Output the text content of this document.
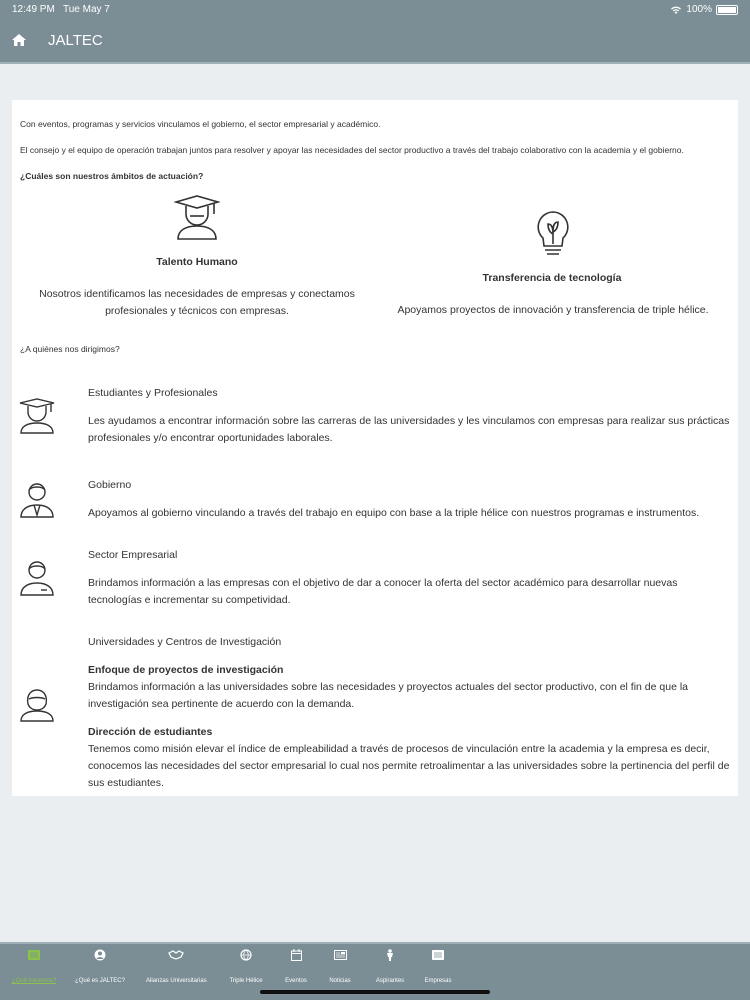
12:49 PM Tue May 7	100%
JALTEC
Con eventos, programas y servicios vinculamos el gobierno, el sector empresarial y académico.
El consejo y el equipo de operación trabajan juntos para resolver y apoyar las necesidades del sector productivo a través del trabajo colaborativo con la academia y el gobierno.
¿Cuáles son nuestros ámbitos de actuación?
Talento Humano
Nosotros identificamos las necesidades de empresas y conectamos profesionales y técnicos con empresas.
Transferencia de tecnología
Apoyamos proyectos de innovación y transferencia de triple hélice.
¿A quiénes nos dirigimos?
Estudiantes y Profesionales
Les ayudamos a encontrar información sobre las carreras de las universidades y les vinculamos con empresas para realizar sus prácticas profesionales y/o encontrar oportunidades laborales.
Gobierno
Apoyamos al gobierno vinculando a través del trabajo en equipo con base a la triple hélice con nuestros programas e instrumentos.
Sector Empresarial
Brindamos información a las empresas con el objetivo de dar a conocer la oferta del sector académico para desarrollar nuevas tecnologías e incrementar su competividad.
Universidades y Centros de Investigación
Enfoque de proyectos de investigación
Brindamos información a las universidades sobre las necesidades y proyectos actuales del sector productivo, con el fin de que la investigación sea pertinente de acuerdo con la demanda.
Dirección de estudiantes
Tenemos como misión elevar el índice de empleabilidad a través de procesos de vinculación entre la academia y la empresa es decir, conocemos las necesidades del sector empresarial lo cual nos permite retroalimentar a las universidades sobre la pertinencia del perfil de sus estudiantes.
¿Qué hacemos?	¿Qué es JALTEC?	Alianzas Universitarias	Triple Hélice	Eventos	Noticias	Aspirantes	Empresas
